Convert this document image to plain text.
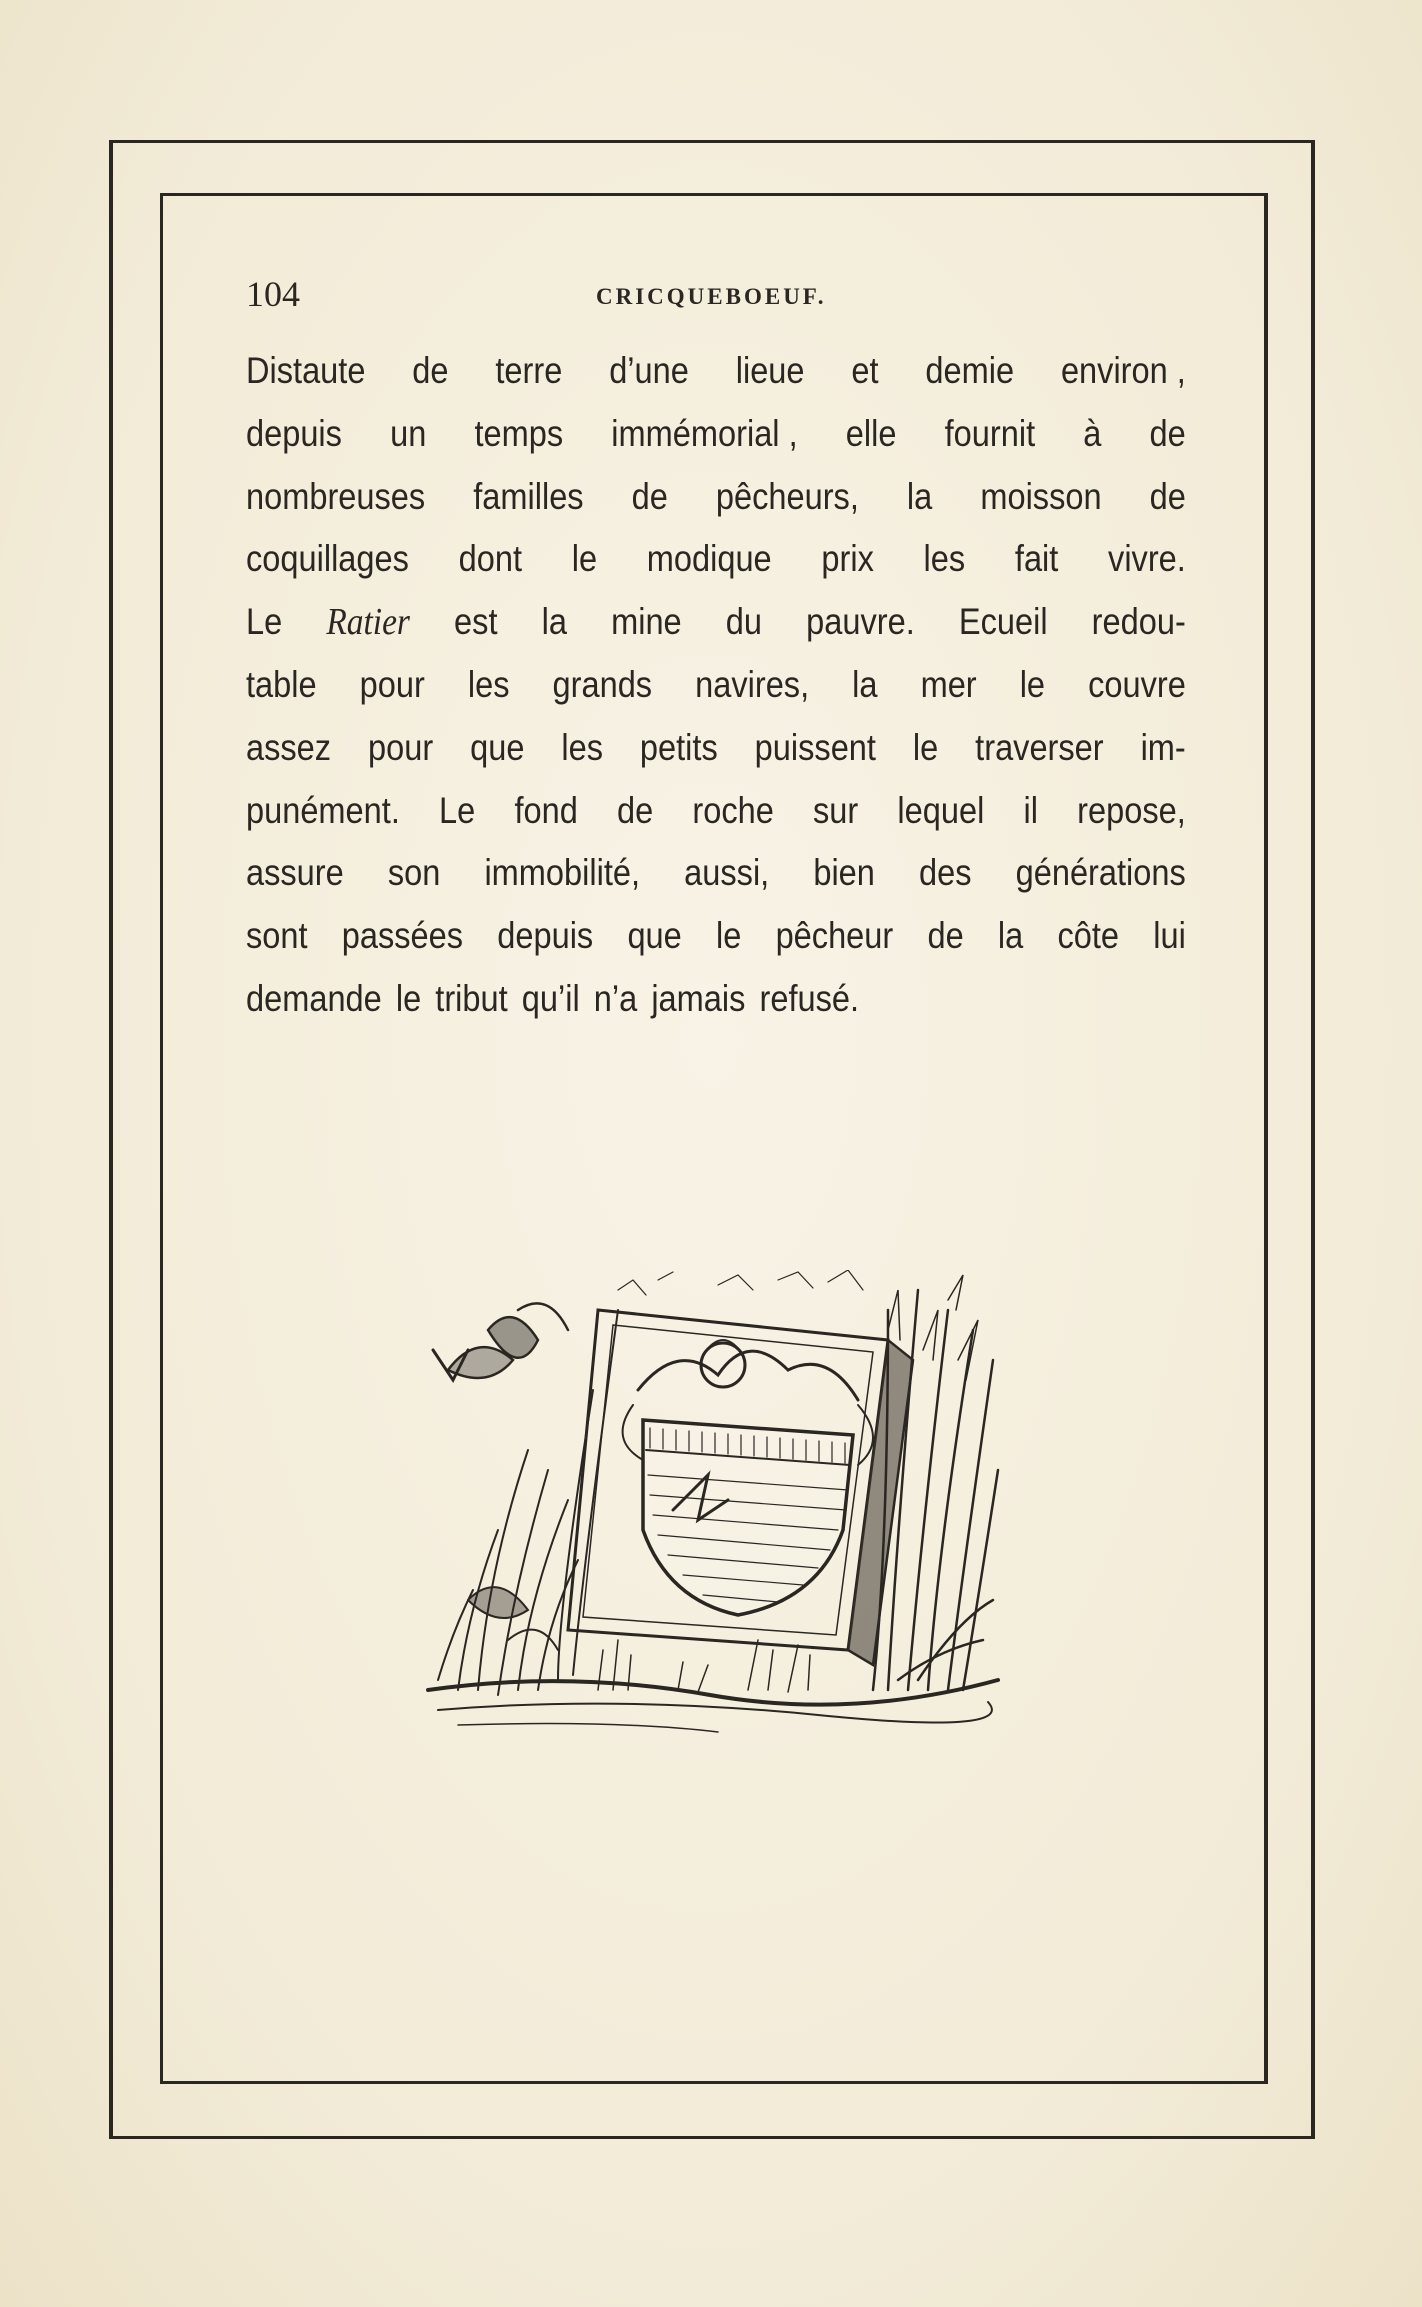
104	CRICQUEBOEUF.
Distaute de terre d’une lieue et demie environ ,
depuis un temps immémorial , elle fournit à de
nombreuses familles de pêcheurs, la moisson de
coquillages dont le modique prix les fait vivre.
Le Ratier est la mine du pauvre. Ecueil redou-
table pour les grands navires, la mer le couvre
assez pour que les petits puissent le traverser im-
punément. Le fond de roche sur lequel il repose,
assure son immobilité, aussi, bien des générations
sont passées depuis que le pêcheur de la côte lui
demande le tribut qu’il n’a jamais refusé.
